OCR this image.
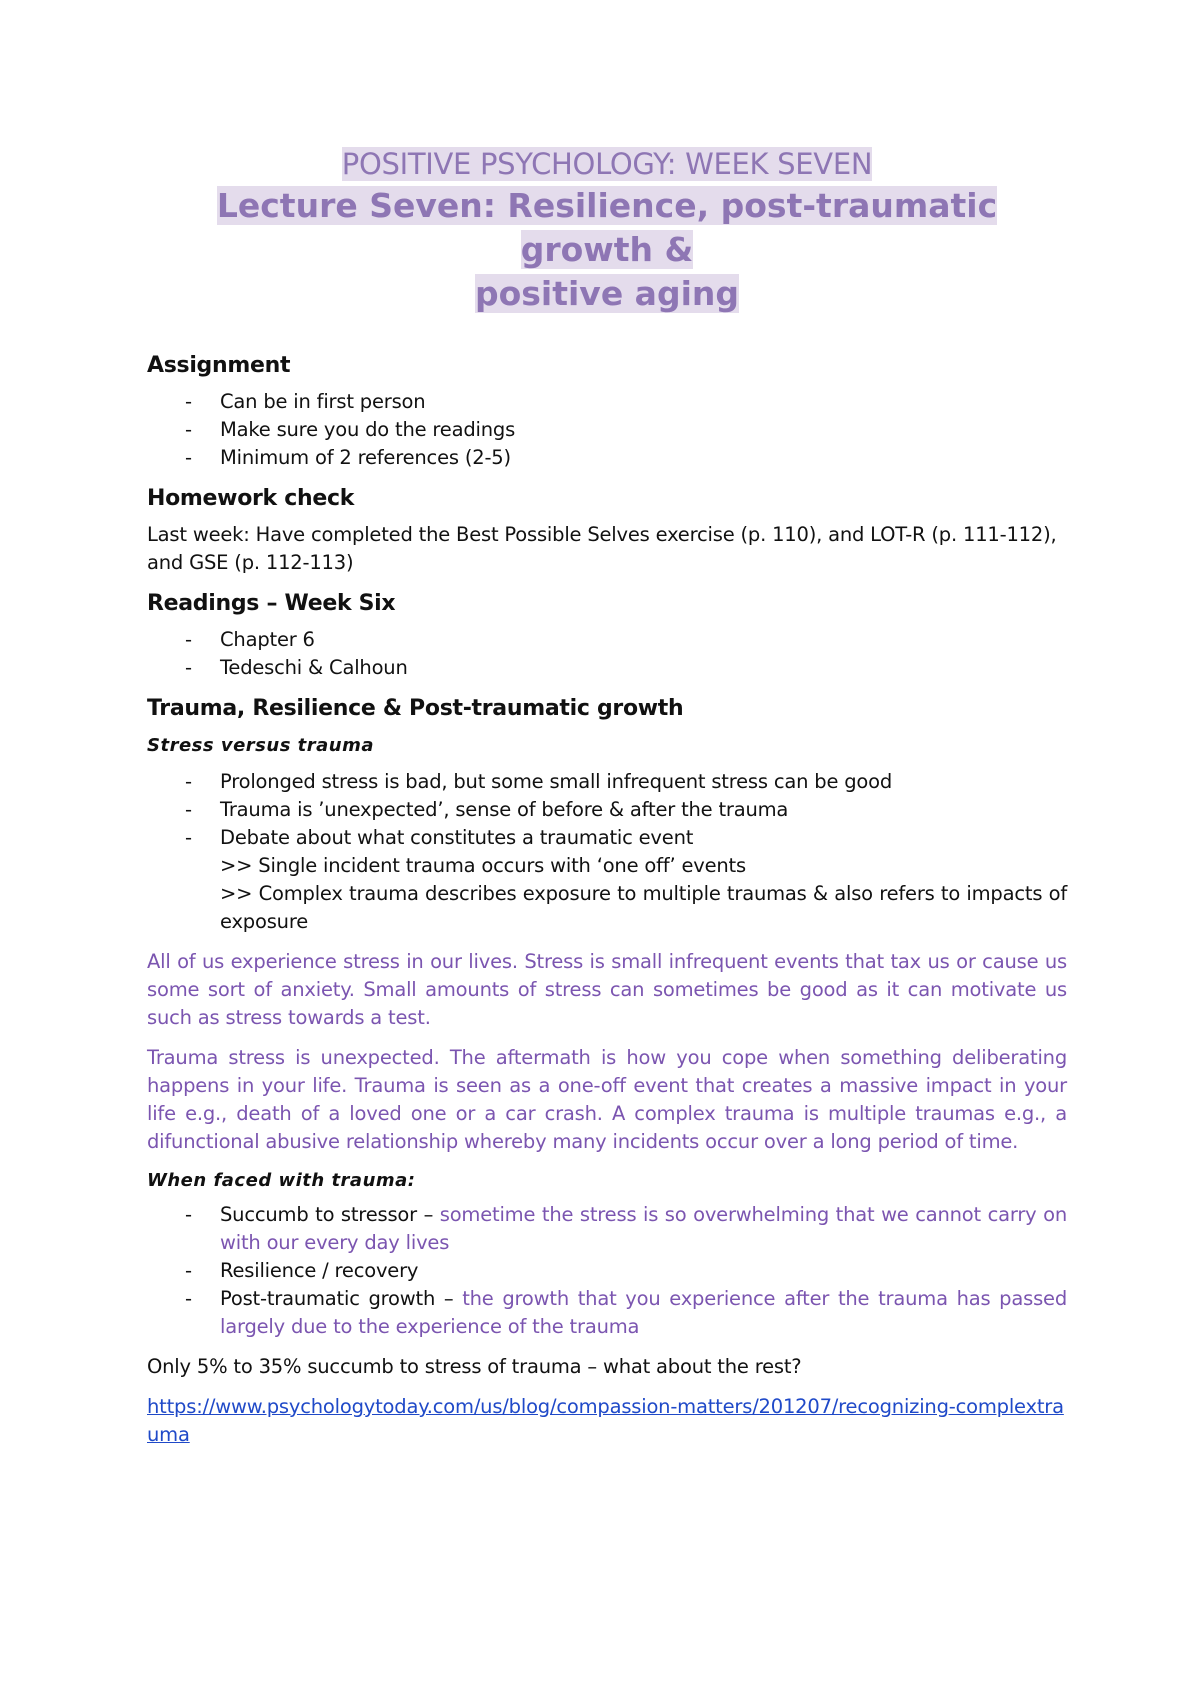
POSITIVE PSYCHOLOGY: WEEK SEVEN
Lecture Seven: Resilience, post-traumatic growth &
positive aging
Assignment
- Can be in first person
- Make sure you do the readings
- Minimum of 2 references (2-5)
Homework check

Last week: Have completed the Best Possible Selves exercise (p. 110), and LOT-R (p. 111-112), and GSE (p. 112-113)

Readings – Week Six
- Chapter 6
- Tedeschi & Calhoun
Trauma, Resilience & Post-traumatic growth
Stress versus trauma
- Prolonged stress is bad, but some small infrequent stress can be good
- Trauma is ’unexpected’, sense of before & after the trauma
- Debate about what constitutes a traumatic event
>> Single incident trauma occurs with ‘one off’ events
>> Complex trauma describes exposure to multiple traumas & also refers to impacts of exposure

All of us experience stress in our lives. Stress is small infrequent events that tax us or cause us some sort of anxiety. Small amounts of stress can sometimes be good as it can motivate us such as stress towards a test.

Trauma stress is unexpected. The aftermath is how you cope when something deliberating happens in your life. Trauma is seen as a one-off event that creates a massive impact in your life e.g., death of a loved one or a car crash. A complex trauma is multiple traumas e.g., a difunctional abusive relationship whereby many incidents occur over a long period of time.

When faced with trauma:
- Succumb to stressor – sometime the stress is so overwhelming that we cannot carry on with our every day lives
- Resilience / recovery
- Post-traumatic growth – the growth that you experience after the trauma has passed largely due to the experience of the trauma

Only 5% to 35% succumb to stress of trauma – what about the rest?

https://www.psychologytoday.com/us/blog/compassion-matters/201207/recognizing-complextrauma
